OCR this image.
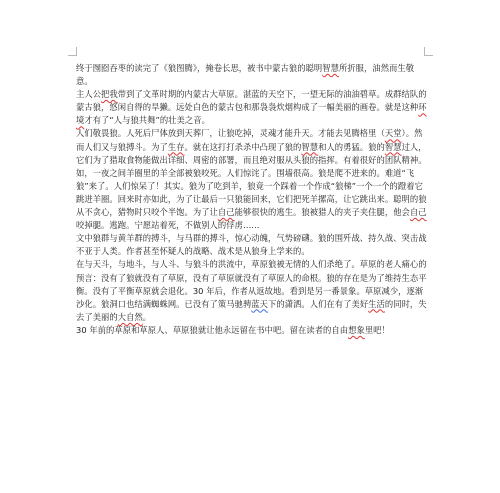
终于囫囵吞枣的读完了《狼图腾》，掩卷长思，被书中蒙古狼的聪明智慧所折服，油然而生敬意。

主人公把我带到了文革时期的内蒙古大草原。湛蓝的天空下，一望无际的油油碧草。成群结队的蒙古狼，悠闲自得的旱獭。远处白色的蒙古包和那袅袅炊烟构成了一幅美丽的画卷。就是这种环境才有了“人与狼共舞”的壮美之音。

人们敬畏狼。人死后尸体放到天葬厂，让狼吃掉，灵魂才能升天。才能去见腾格里（天堂）。然而人们又与狼搏斗。为了生存。就在这打打杀杀中凸现了狼的智慧和人的勇猛。狼的智慧过人，它们为了猎取食物能做出详细、周密的部署，而且绝对服从头狼的指挥。有着很好的团队精神。如，一夜之间羊圈里的羊全部被狼咬死。人们惊诧了。围墙很高。狼是爬不进来的。难道“飞狼”来了。人们惊呆了！其实。狼为了吃到羊，狼竟一个踩着一个作成“狼梯”一个一个的蹬着它跳进羊圈。回来时亦如此，为了让最后一只狼能回来，它们把死羊摞高，让它跳出来。聪明的狼从不贪心，猎物时只咬个半饱。为了让自己能够很快的逃生。狼被猎人的夹子夹住腿，他会自己咬掉腿。逃跑。宁愿站着死，不做别人的俘虏……

文中狼群与黄羊群的搏斗，与马群的搏斗，惊心动魄，气势磅礴。狼的围歼战、持久战、突击战不亚于人类。作者甚至怀疑人的战略、战术是从狼身上学来的。

在与天斗，与地斗，与人斗、与狼斗的洪流中，草原狼被无情的人们杀绝了。草原的老人痛心的预言：没有了狼就没有了草原，没有了草原就没有了草原人的命根。狼的存在是为了维持生态平衡。没有了平衡草原就会退化。30 年后，作者从返故地。看到是另一番景象。草原减少，逐渐沙化。狼洞口也结满蜘蛛网。已没有了策马驰骋蓝天下的潇洒。人们在有了美好生活的同时，失去了美丽的大自然。

30 年前的草原和草原人、草原狼就让他永远留在书中吧。留在读者的自由想象里吧！
